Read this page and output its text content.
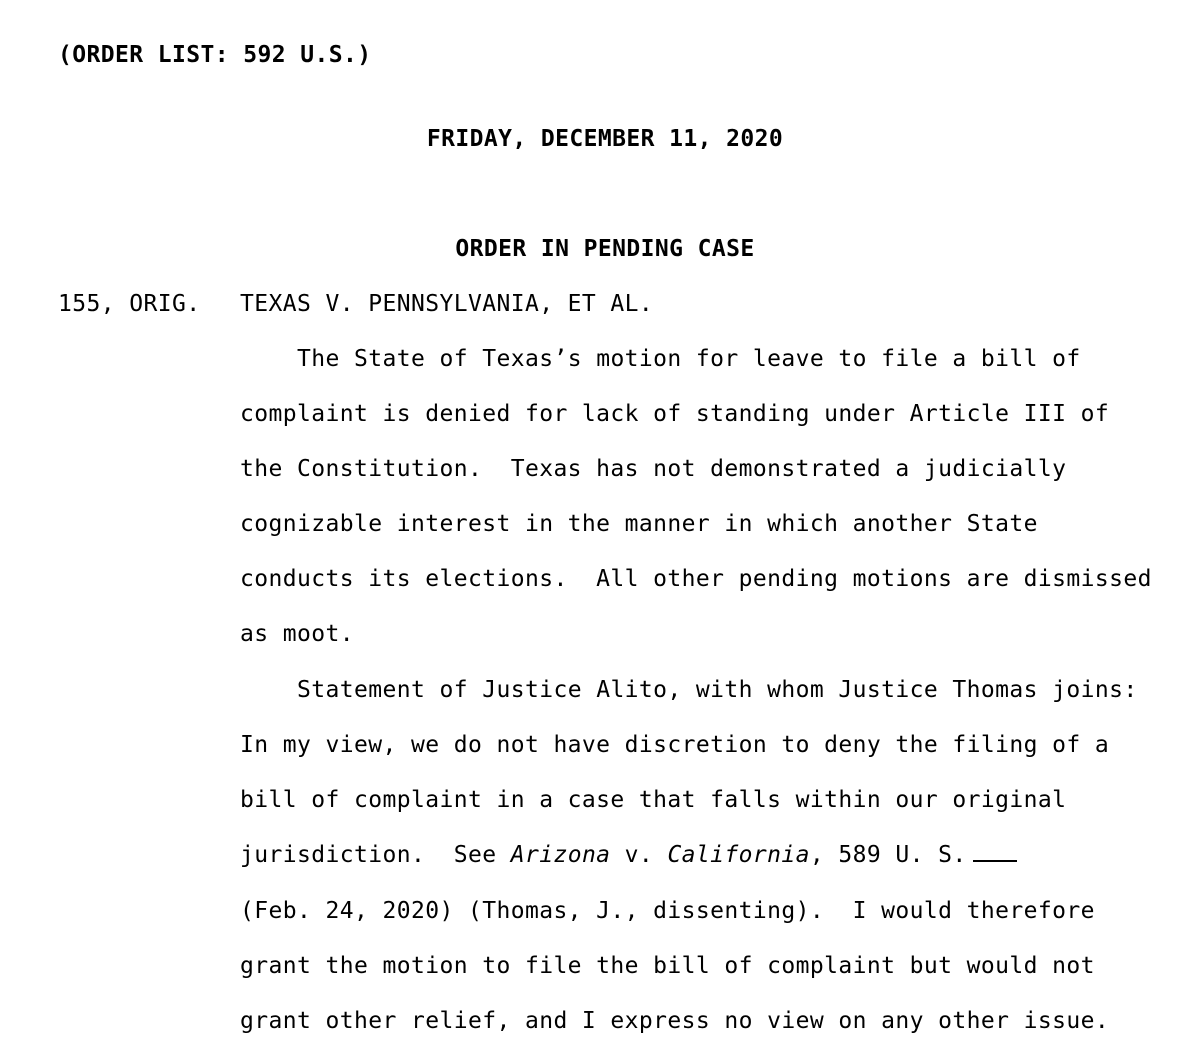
(ORDER LIST: 592 U.S.)
FRIDAY, DECEMBER 11, 2020
ORDER IN PENDING CASE
155, ORIG. TEXAS V. PENNSYLVANIA, ET AL.
The State of Texas’s motion for leave to file a bill of
complaint is denied for lack of standing under Article III of
the Constitution.  Texas has not demonstrated a judicially
cognizable interest in the manner in which another State
conducts its elections.  All other pending motions are dismissed
as moot.
Statement of Justice Alito, with whom Justice Thomas joins:
In my view, we do not have discretion to deny the filing of a
bill of complaint in a case that falls within our original
jurisdiction.  See Arizona v. California, 589 U. S.
(Feb. 24, 2020) (Thomas, J., dissenting).  I would therefore
grant the motion to file the bill of complaint but would not
grant other relief, and I express no view on any other issue.
